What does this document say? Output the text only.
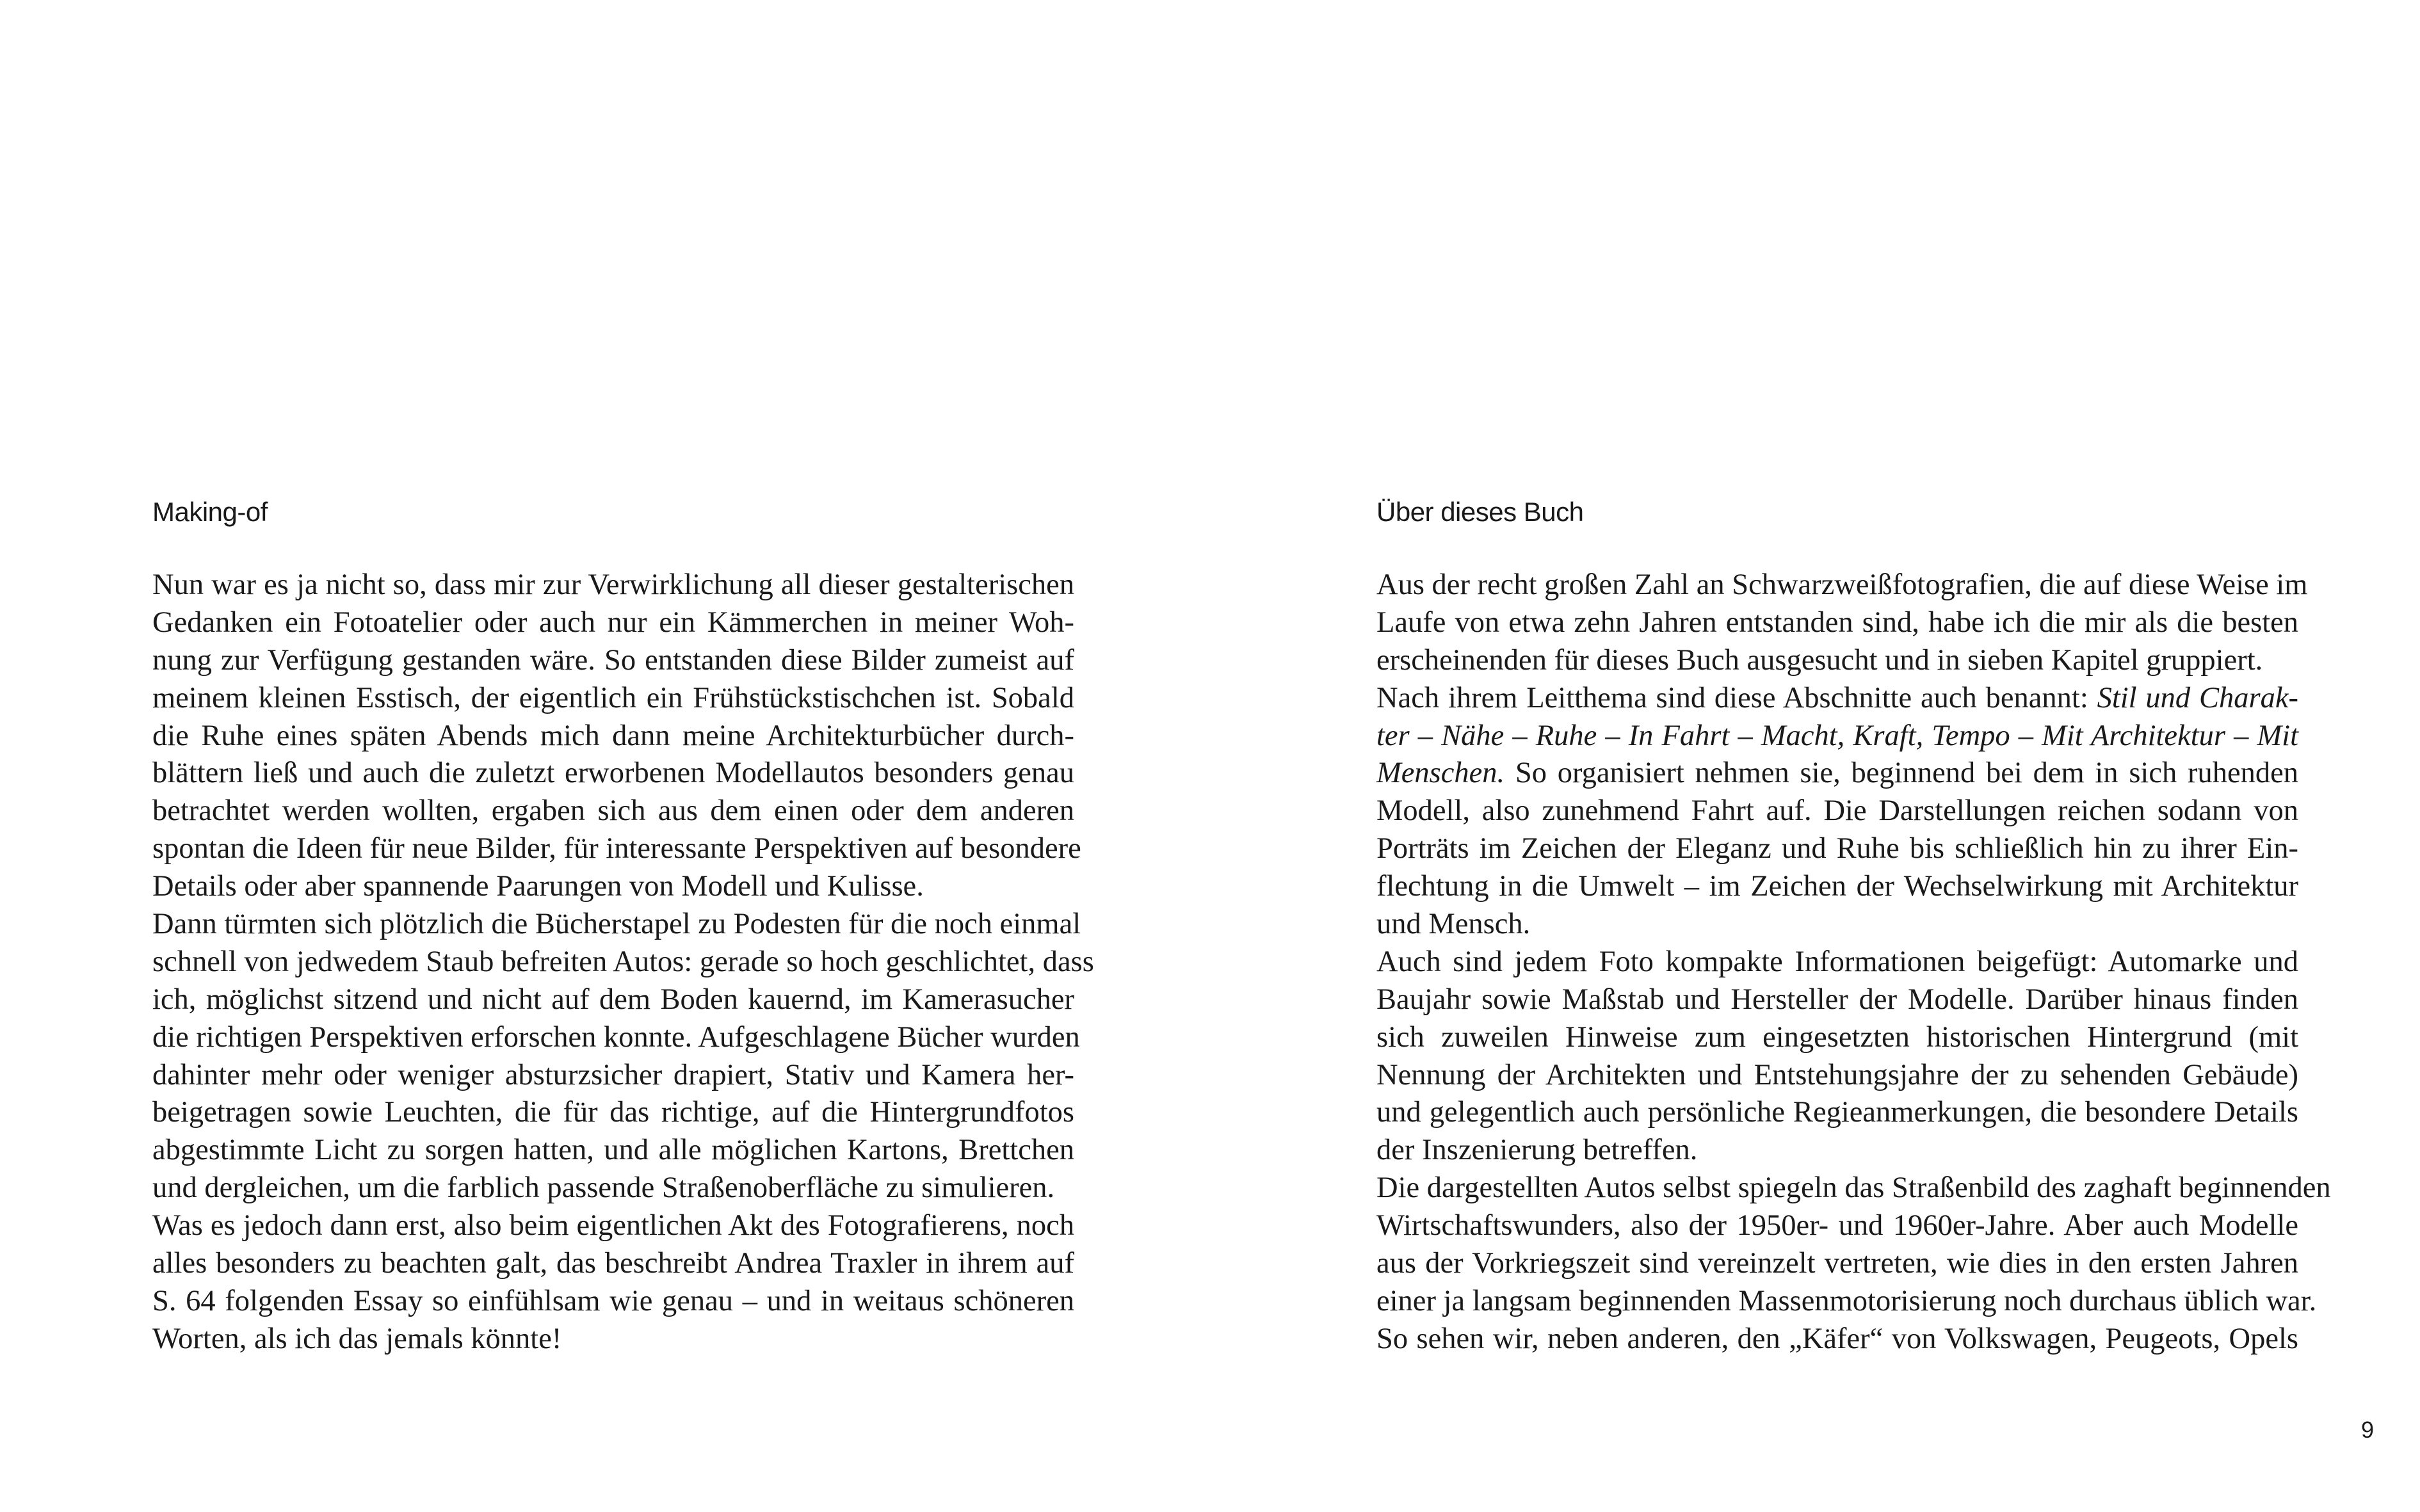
Making-of
Nun war es ja nicht so, dass mir zur Verwirklichung all dieser gestalterischen
Gedanken ein Fotoatelier oder auch nur ein Kämmerchen in meiner Woh-
nung zur Verfügung gestanden wäre. So entstanden diese Bilder zumeist auf
meinem kleinen Esstisch, der eigentlich ein Frühstückstischchen ist. Sobald
die Ruhe eines späten Abends mich dann meine Architekturbücher durch-
blättern ließ und auch die zuletzt erworbenen Modellautos besonders genau
betrachtet werden wollten, ergaben sich aus dem einen oder dem anderen
spontan die Ideen für neue Bilder, für interessante Perspektiven auf besondere
Details oder aber spannende Paarungen von Modell und Kulisse.
Dann türmten sich plötzlich die Bücherstapel zu Podesten für die noch einmal
schnell von jedwedem Staub befreiten Autos: gerade so hoch geschlichtet, dass
ich, möglichst sitzend und nicht auf dem Boden kauernd, im Kamerasucher
die richtigen Perspektiven erforschen konnte. Aufgeschlagene Bücher wurden
dahinter mehr oder weniger absturzsicher drapiert, Stativ und Kamera her-
beigetragen sowie Leuchten, die für das richtige, auf die Hintergrundfotos
abgestimmte Licht zu sorgen hatten, und alle möglichen Kartons, Brettchen
und dergleichen, um die farblich passende Straßenoberfläche zu simulieren.
Was es jedoch dann erst, also beim eigentlichen Akt des Fotografierens, noch
alles besonders zu beachten galt, das beschreibt Andrea Traxler in ihrem auf
S. 64 folgenden Essay so einfühlsam wie genau – und in weitaus schöneren
Worten, als ich das jemals könnte!
Über dieses Buch
Aus der recht großen Zahl an Schwarzweißfotografien, die auf diese Weise im
Laufe von etwa zehn Jahren entstanden sind, habe ich die mir als die besten
erscheinenden für dieses Buch ausgesucht und in sieben Kapitel gruppiert.
Nach ihrem Leitthema sind diese Abschnitte auch benannt: Stil und Charak-
ter – Nähe – Ruhe – In Fahrt – Macht, Kraft, Tempo – Mit Architektur – Mit
Menschen. So organisiert nehmen sie, beginnend bei dem in sich ruhenden
Modell, also zunehmend Fahrt auf. Die Darstellungen reichen sodann von
Porträts im Zeichen der Eleganz und Ruhe bis schließlich hin zu ihrer Ein-
flechtung in die Umwelt – im Zeichen der Wechselwirkung mit Architektur
und Mensch.
Auch sind jedem Foto kompakte Informationen beigefügt: Automarke und
Baujahr sowie Maßstab und Hersteller der Modelle. Darüber hinaus finden
sich zuweilen Hinweise zum eingesetzten historischen Hintergrund (mit
Nennung der Architekten und Entstehungsjahre der zu sehenden Gebäude)
und gelegentlich auch persönliche Regieanmerkungen, die besondere Details
der Inszenierung betreffen.
Die dargestellten Autos selbst spiegeln das Straßenbild des zaghaft beginnenden
Wirtschaftswunders, also der 1950er- und 1960er-Jahre. Aber auch Modelle
aus der Vorkriegszeit sind vereinzelt vertreten, wie dies in den ersten Jahren
einer ja langsam beginnenden Massenmotorisierung noch durchaus üblich war.
So sehen wir, neben anderen, den „Käfer“ von Volkswagen, Peugeots, Opels
9
